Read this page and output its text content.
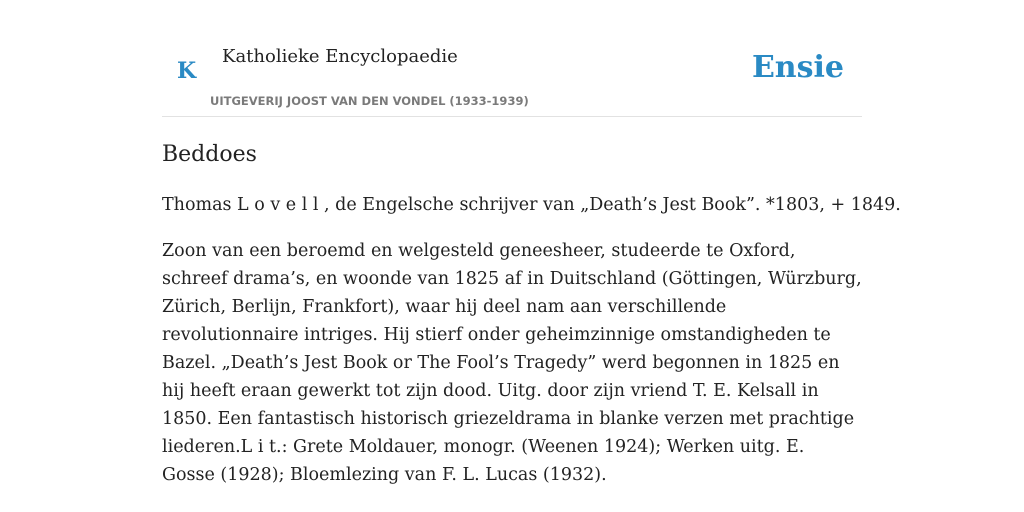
K
Katholieke Encyclopaedie
UITGEVERIJ JOOST VAN DEN VONDEL (1933-1939)
Ensie
Beddoes

Thomas L o v e l l , de Engelsche schrijver van „Death’s Jest Book”. *1803, + 1849.

Zoon van een beroemd en welgesteld geneesheer, studeerde te Oxford, schreef drama’s, en woonde van 1825 af in Duitschland (Göttingen, Würzburg, Zürich, Berlijn, Frankfort), waar hij deel nam aan verschillende revolutionnaire intriges. Hij stierf onder geheimzinnige omstandigheden te Bazel. „Death’s Jest Book or The Fool’s Tragedy” werd begonnen in 1825 en hij heeft eraan gewerkt tot zijn dood. Uitg. door zijn vriend T. E. Kelsall in 1850. Een fantastisch historisch griezeldrama in blanke verzen met prachtige liederen.L i t.: Grete Moldauer, monogr. (Weenen 1924); Werken uitg. E. Gosse (1928); Bloemlezing van F. L. Lucas (1932).
